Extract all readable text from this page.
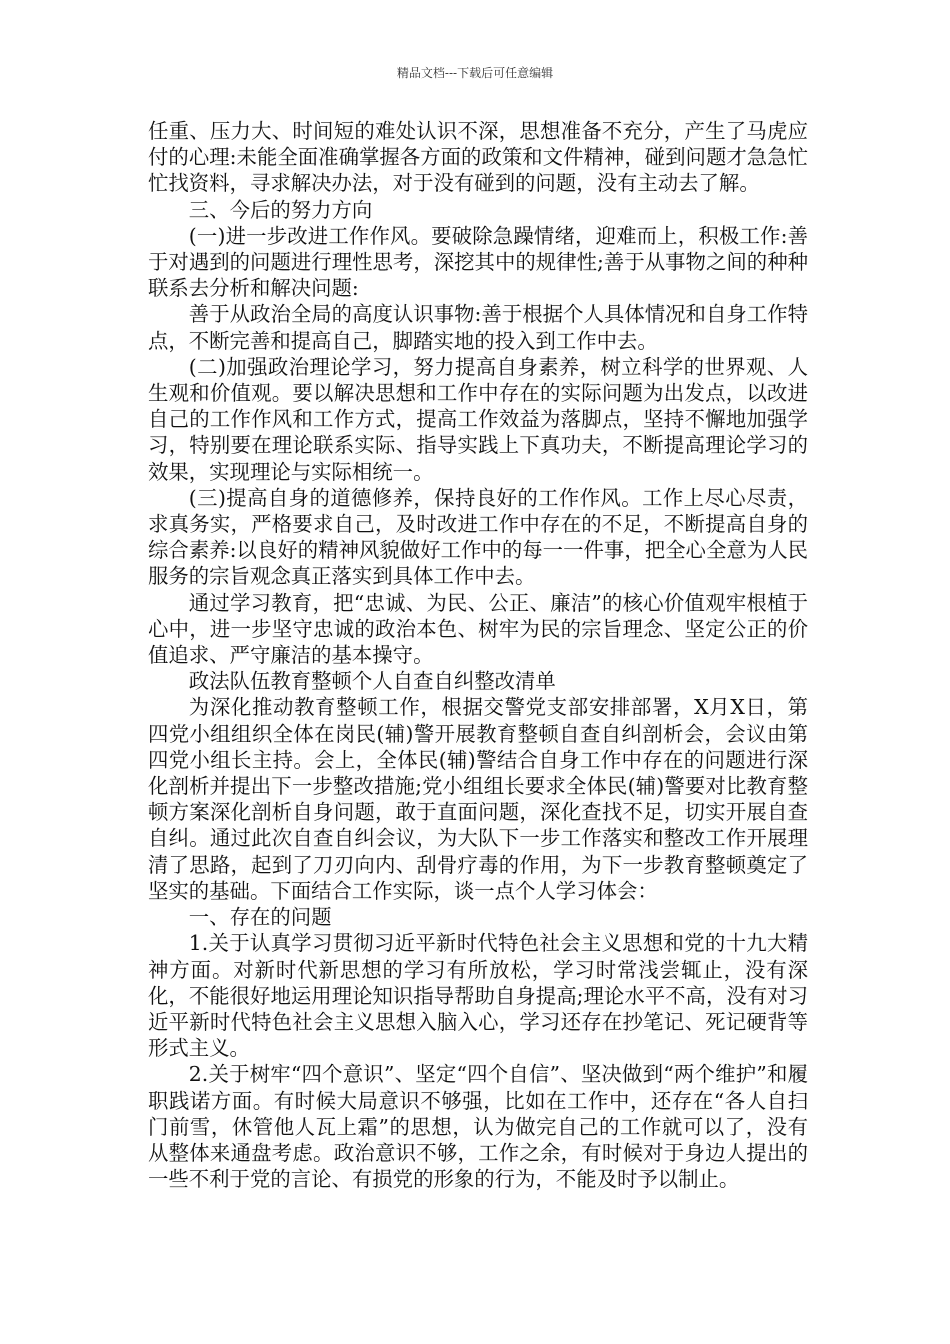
精品文档---下载后可任意编辑

任重、压力大、时间短的难处认识不深，思想准备不充分，产生了马虎应付的心理:未能全面准确掌握各方面的政策和文件精神，碰到问题才急急忙忙找资料，寻求解决办法，对于没有碰到的问题，没有主动去了解。

三、今后的努力方向

(一)进一步改进工作作风。要破除急躁情绪，迎难而上，积极工作:善于对遇到的问题进行理性思考，深挖其中的规律性;善于从事物之间的种种联系去分析和解决问题:

善于从政治全局的高度认识事物:善于根据个人具体情况和自身工作特点，不断完善和提高自己，脚踏实地的投入到工作中去。

(二)加强政治理论学习，努力提高自身素养，树立科学的世界观、人生观和价值观。要以解决思想和工作中存在的实际问题为出发点，以改进自己的工作作风和工作方式，提高工作效益为落脚点，坚持不懈地加强学习，特别要在理论联系实际、指导实践上下真功夫，不断提高理论学习的效果，实现理论与实际相统一。

(三)提高自身的道德修养，保持良好的工作作风。工作上尽心尽责，求真务实，严格要求自己，及时改进工作中存在的不足，不断提高自身的综合素养:以良好的精神风貌做好工作中的每一一件事，把全心全意为人民服务的宗旨观念真正落实到具体工作中去。

通过学习教育，把“忠诚、为民、公正、廉洁”的核心价值观牢根植于心中，进一步坚守忠诚的政治本色、树牢为民的宗旨理念、坚定公正的价值追求、严守廉洁的基本操守。

政法队伍教育整顿个人自查自纠整改清单

为深化推动教育整顿工作，根据交警党支部安排部署，X月X日，第四党小组组织全体在岗民(辅)警开展教育整顿自查自纠剖析会，会议由第四党小组长主持。会上，全体民(辅)警结合自身工作中存在的问题进行深化剖析并提出下一步整改措施;党小组组长要求全体民(辅)警要对比教育整顿方案深化剖析自身问题，敢于直面问题，深化查找不足，切实开展自查自纠。通过此次自查自纠会议，为大队下一步工作落实和整改工作开展理清了思路，起到了刀刃向内、刮骨疗毒的作用，为下一步教育整顿奠定了坚实的基础。下面结合工作实际，谈一点个人学习体会：

一、存在的问题

1.关于认真学习贯彻习近平新时代特色社会主义思想和党的十九大精神方面。对新时代新思想的学习有所放松，学习时常浅尝辄止，没有深化，不能很好地运用理论知识指导帮助自身提高;理论水平不高，没有对习近平新时代特色社会主义思想入脑入心，学习还存在抄笔记、死记硬背等形式主义。

2.关于树牢“四个意识”、坚定“四个自信”、坚决做到“两个维护”和履职践诺方面。有时候大局意识不够强，比如在工作中，还存在“各人自扫门前雪，休管他人瓦上霜”的思想，认为做完自己的工作就可以了，没有从整体来通盘考虑。政治意识不够，工作之余，有时候对于身边人提出的一些不利于党的言论、有损党的形象的行为，不能及时予以制止。
